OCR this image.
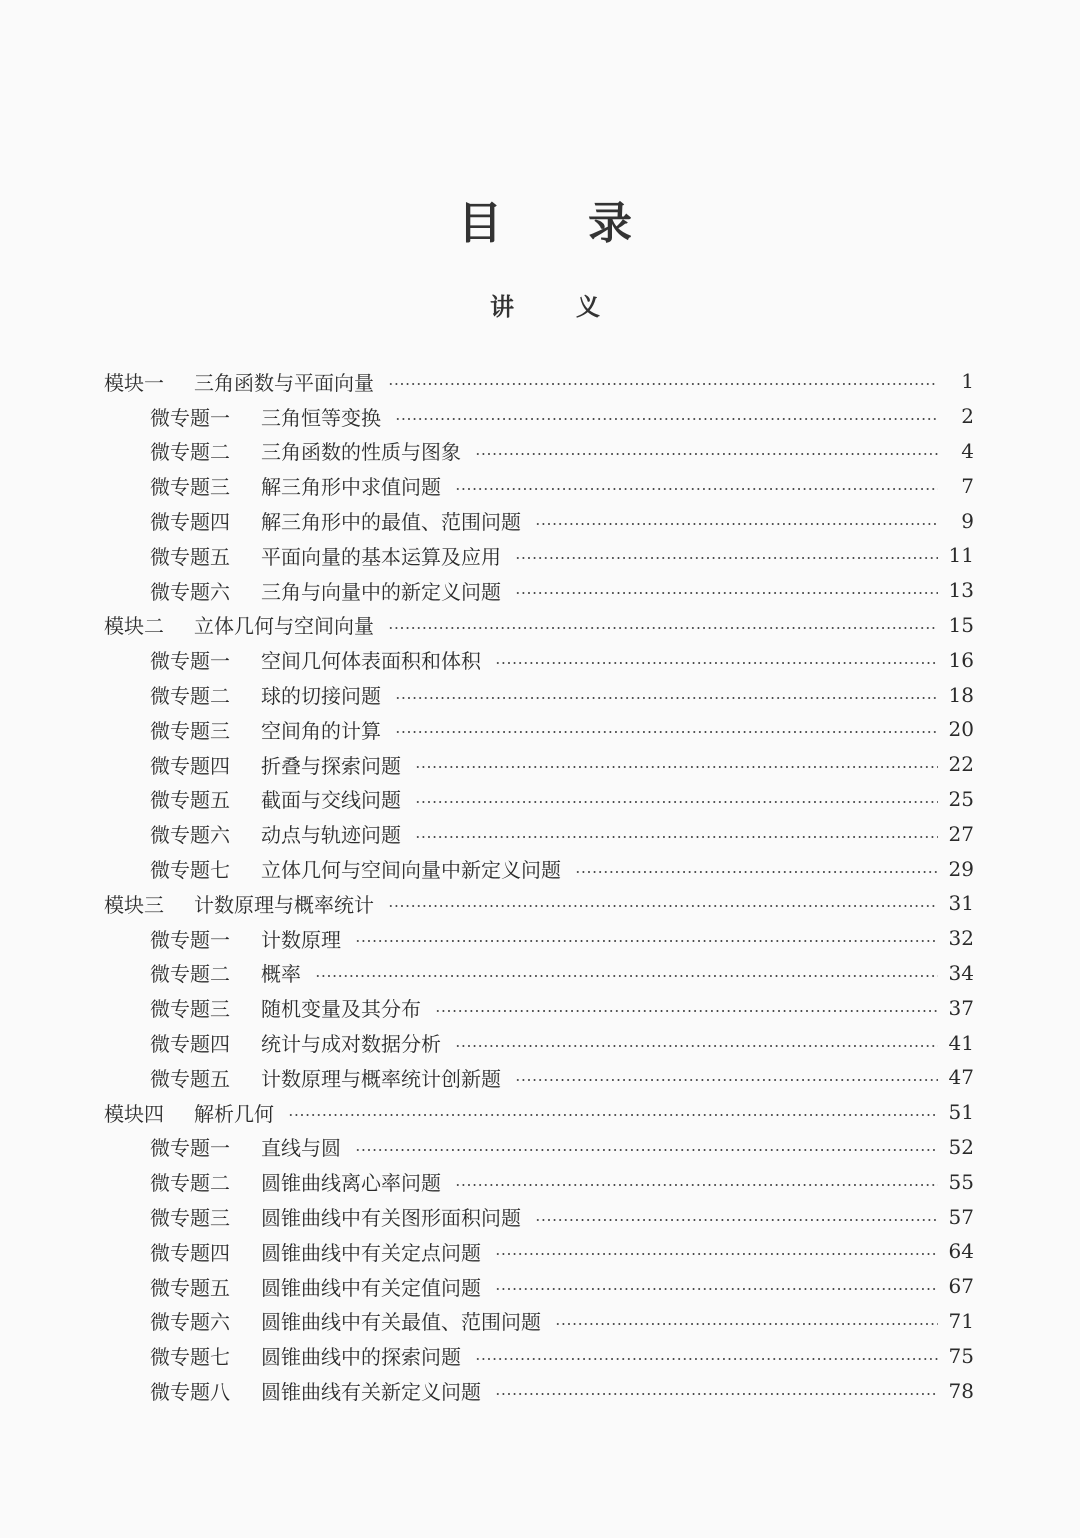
目录
讲义
模块一	三角函数与平面向量	1
微专题一	三角恒等变换	2
微专题二	三角函数的性质与图象	4
微专题三	解三角形中求值问题	7
微专题四	解三角形中的最值、范围问题	9
微专题五	平面向量的基本运算及应用	11
微专题六	三角与向量中的新定义问题	13
模块二	立体几何与空间向量	15
微专题一	空间几何体表面积和体积	16
微专题二	球的切接问题	18
微专题三	空间角的计算	20
微专题四	折叠与探索问题	22
微专题五	截面与交线问题	25
微专题六	动点与轨迹问题	27
微专题七	立体几何与空间向量中新定义问题	29
模块三	计数原理与概率统计	31
微专题一	计数原理	32
微专题二	概率	34
微专题三	随机变量及其分布	37
微专题四	统计与成对数据分析	41
微专题五	计数原理与概率统计创新题	47
模块四	解析几何	51
微专题一	直线与圆	52
微专题二	圆锥曲线离心率问题	55
微专题三	圆锥曲线中有关图形面积问题	57
微专题四	圆锥曲线中有关定点问题	64
微专题五	圆锥曲线中有关定值问题	67
微专题六	圆锥曲线中有关最值、范围问题	71
微专题七	圆锥曲线中的探索问题	75
微专题八	圆锥曲线有关新定义问题	78
